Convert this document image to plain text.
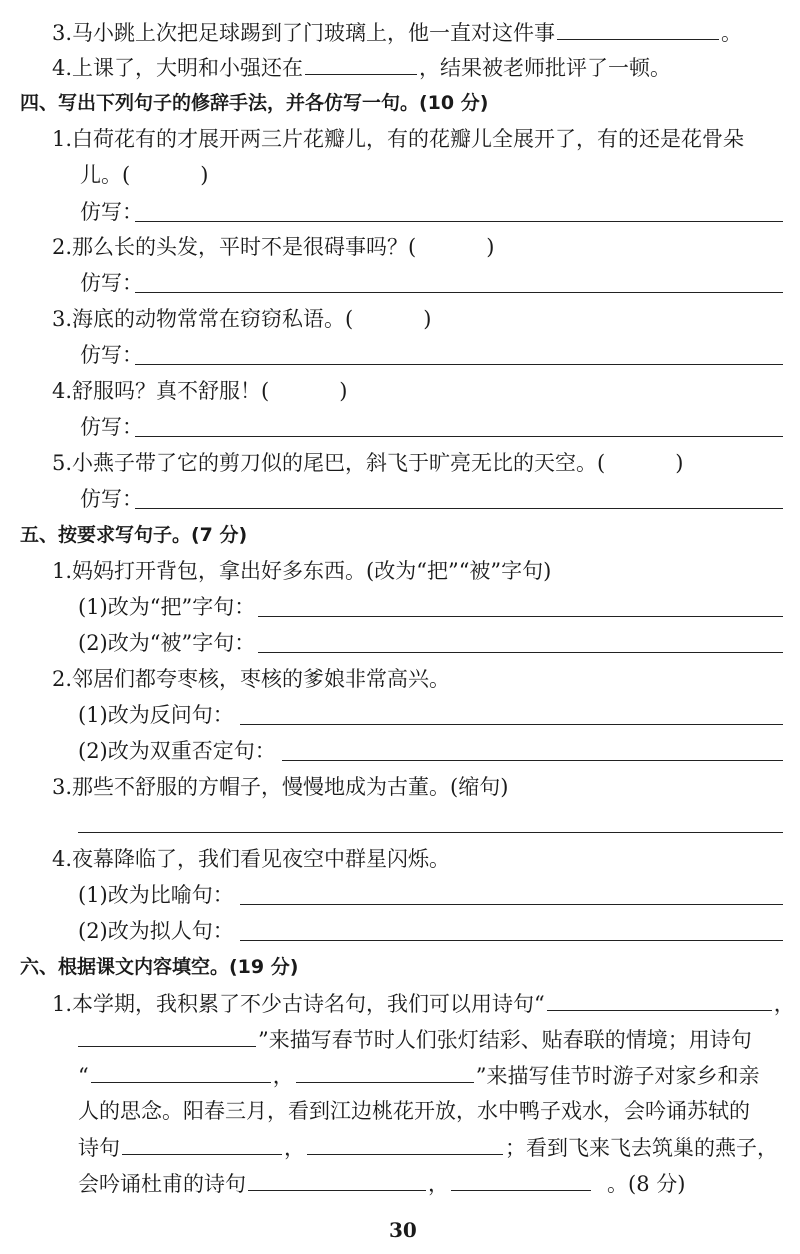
3.马小跳上次把足球踢到了门玻璃上，他一直对这件事	。
4.上课了，大明和小强还在	，结果被老师批评了一顿。
四、写出下列句子的修辞手法，并各仿写一句。(10 分)
1.白荷花有的才展开两三片花瓣儿，有的花瓣儿全展开了，有的还是花骨朵
儿。(	)
仿写：
2.那么长的头发，平时不是很碍事吗？(	)
仿写：
3.海底的动物常常在窃窃私语。(	)
仿写：
4.舒服吗？真不舒服！(	)
仿写：
5.小燕子带了它的剪刀似的尾巴，斜飞于旷亮无比的天空。(	)
仿写：
五、按要求写句子。(7 分)
1.妈妈打开背包，拿出好多东西。(改为“把”“被”字句)
(1)改为“把”字句：
(2)改为“被”字句：
2.邻居们都夸枣核，枣核的爹娘非常高兴。
(1)改为反问句：
(2)改为双重否定句：
3.那些不舒服的方帽子，慢慢地成为古董。(缩句)
4.夜幕降临了，我们看见夜空中群星闪烁。
(1)改为比喻句：
(2)改为拟人句：
六、根据课文内容填空。(19 分)
1.本学期，我积累了不少古诗名句，我们可以用诗句“	，
”来描写春节时人们张灯结彩、贴春联的情境；用诗句
“	，	”来描写佳节时游子对家乡和亲
人的思念。阳春三月，看到江边桃花开放，水中鸭子戏水，会吟诵苏轼的
诗句	，	；看到飞来飞去筑巢的燕子，
会吟诵杜甫的诗句	，	。(8 分)
30
